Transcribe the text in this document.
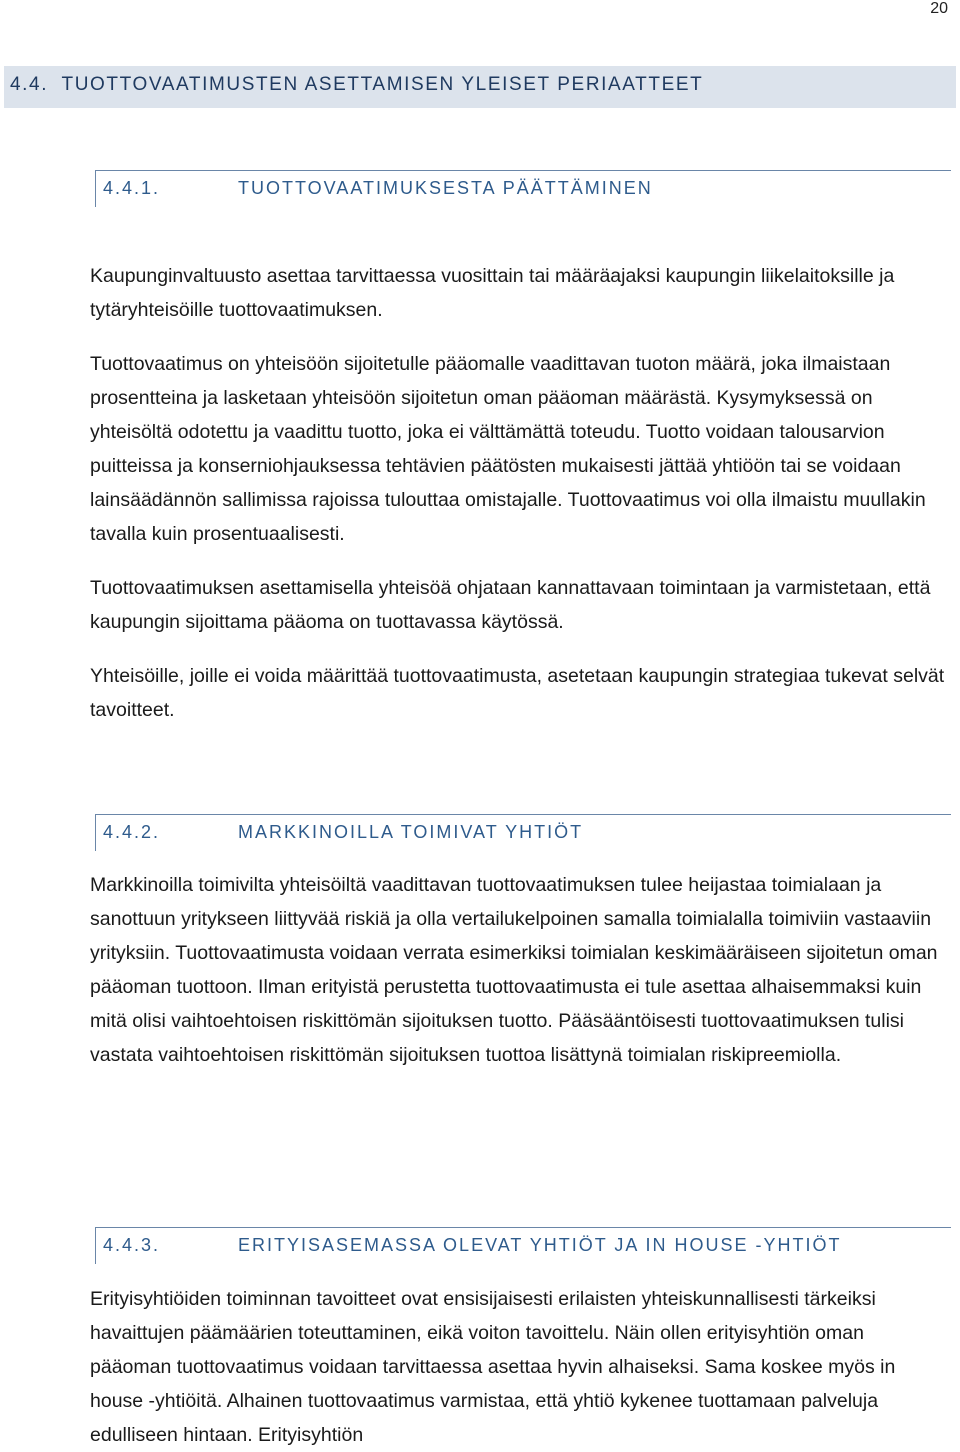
20
4.4. TUOTTOVAATIMUSTEN ASETTAMISEN YLEISET PERIAATTEET
4.4.1.	TUOTTOVAATIMUKSESTA PÄÄTTÄMINEN

Kaupunginvaltuusto asettaa tarvittaessa vuosittain tai määräajaksi kaupungin liikelaitoksille ja tytäryhteisöille tuottovaatimuksen.

Tuottovaatimus on yhteisöön sijoitetulle pääomalle vaadittavan tuoton määrä, joka ilmaistaan prosentteina ja lasketaan yhteisöön sijoitetun oman pääoman määrästä. Kysymyksessä on yhteisöltä odotettu ja vaadittu tuotto, joka ei välttämättä toteudu. Tuotto voidaan talousarvion puitteissa ja konserniohjauksessa tehtävien päätösten mukaisesti jättää yhtiöön tai se voidaan lainsäädännön sallimissa rajoissa tulouttaa omistajalle. Tuottovaatimus voi olla ilmaistu muullakin tavalla kuin prosentuaalisesti.

Tuottovaatimuksen asettamisella yhteisöä ohjataan kannattavaan toimintaan ja varmistetaan, että kaupungin sijoittama pääoma on tuottavassa käytössä.

Yhteisöille, joille ei voida määrittää tuottovaatimusta, asetetaan kaupungin strategiaa tukevat selvät tavoitteet.

4.4.2.	MARKKINOILLA TOIMIVAT YHTIÖT

Markkinoilla toimivilta yhteisöiltä vaadittavan tuottovaatimuksen tulee heijastaa toimialaan ja sanottuun yritykseen liittyvää riskiä ja olla vertailukelpoinen samalla toimialalla toimiviin vastaaviin yrityksiin. Tuottovaatimusta voidaan verrata esimerkiksi toimialan keskimääräiseen sijoitetun oman pääoman tuottoon. Ilman erityistä perustetta tuottovaatimusta ei tule asettaa alhaisemmaksi kuin mitä olisi vaihtoehtoisen riskittömän sijoituksen tuotto. Pääsääntöisesti tuottovaatimuksen tulisi vastata vaihtoehtoisen riskittömän sijoituksen tuottoa lisättynä toimialan riskipreemiolla.

4.4.3.	ERITYISASEMASSA OLEVAT YHTIÖT JA IN HOUSE -YHTIÖT

Erityisyhtiöiden toiminnan tavoitteet ovat ensisijaisesti erilaisten yhteiskunnallisesti tärkeiksi havaittujen päämäärien toteuttaminen, eikä voiton tavoittelu. Näin ollen erityisyhtiön oman pääoman tuottovaatimus voidaan tarvittaessa asettaa hyvin alhaiseksi. Sama koskee myös in house -yhtiöitä. Alhainen tuottovaatimus varmistaa, että yhtiö kykenee tuottamaan palveluja edulliseen hintaan. Erityisyhtiön
